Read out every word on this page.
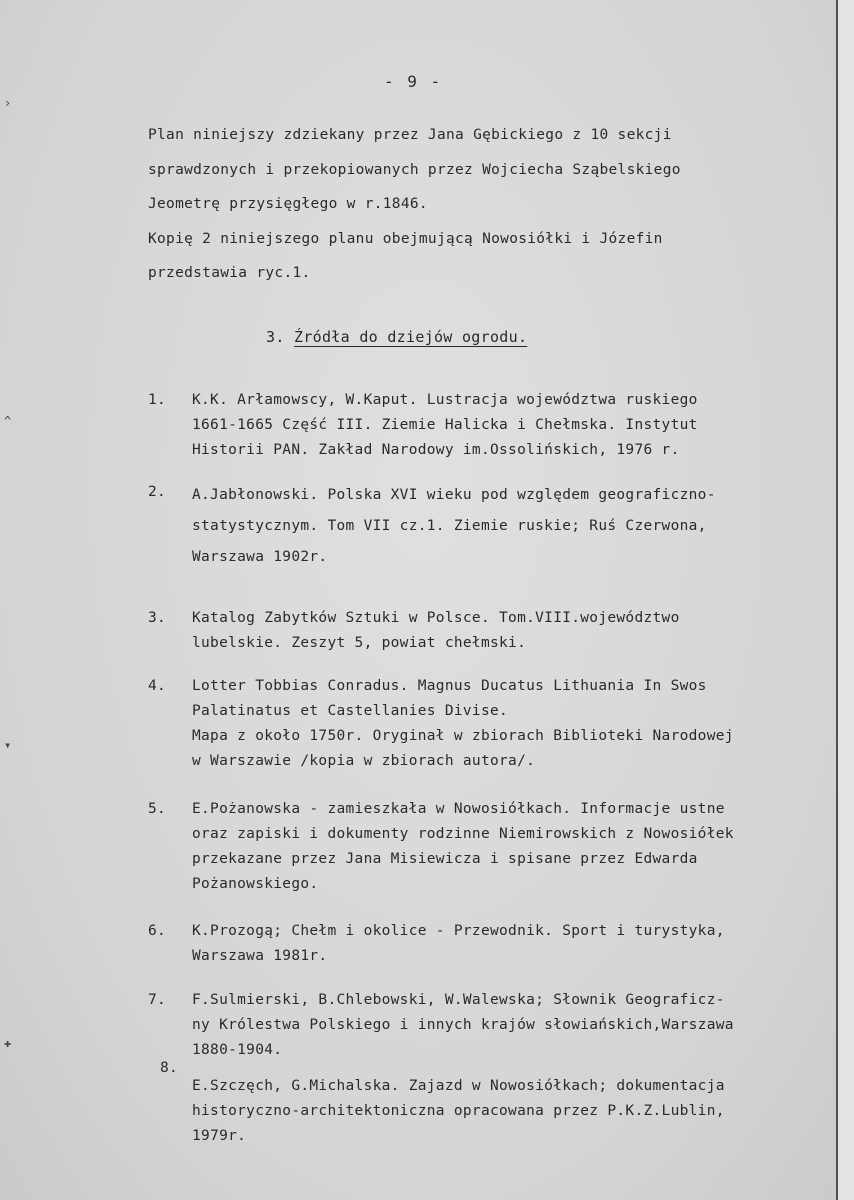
›
^
▾
✚
- 9 -
Plan niniejszy zdziekany przez Jana Gębickiego z 10 sekcji
sprawdzonych i przekopiowanych przez Wojciecha Sząbelskiego
Jeometrę przysięgłego w r.1846.
Kopię 2 niniejszego planu obejmującą Nowosiółki i Józefin
przedstawia ryc.1.
3. Źródła do dziejów ogrodu.
1.	K.K. Arłamowscy, W.Kaput. Lustracja województwa ruskiego
1661-1665 Część III. Ziemie Halicka i Chełmska. Instytut
Historii PAN. Zakład Narodowy im.Ossolińskich, 1976 r.
2.	A.Jabłonowski. Polska XVI wieku pod względem geograficzno-
statystycznym. Tom VII cz.1. Ziemie ruskie; Ruś Czerwona,
Warszawa 1902r.
3.	Katalog Zabytków Sztuki w Polsce. Tom.VIII.województwo
lubelskie. Zeszyt 5, powiat chełmski.
4.	Lotter Tobbias Conradus. Magnus Ducatus Lithuania In Swos
Palatinatus et Castellanies Divise.
Mapa z około 1750r. Oryginał w zbiorach Biblioteki Narodowej
w Warszawie /kopia w zbiorach autora/.
5.	E.Pożanowska - zamieszkała w Nowosiółkach. Informacje ustne
oraz zapiski i dokumenty rodzinne Niemirowskich z Nowosiółek
przekazane przez Jana Misiewicza i spisane przez Edwarda
Pożanowskiego.
6.	K.Prozogą; Chełm i okolice - Przewodnik. Sport i turystyka,
Warszawa 1981r.
7.	F.Sulmierski, B.Chlebowski, W.Walewska; Słownik Geograficz-
ny Królestwa Polskiego i innych krajów słowiańskich,Warszawa
1880-1904.
8.
E.Szczęch, G.Michalska. Zajazd w Nowosiółkach; dokumentacja
historyczno-architektoniczna opracowana przez P.K.Z.Lublin,
1979r.
